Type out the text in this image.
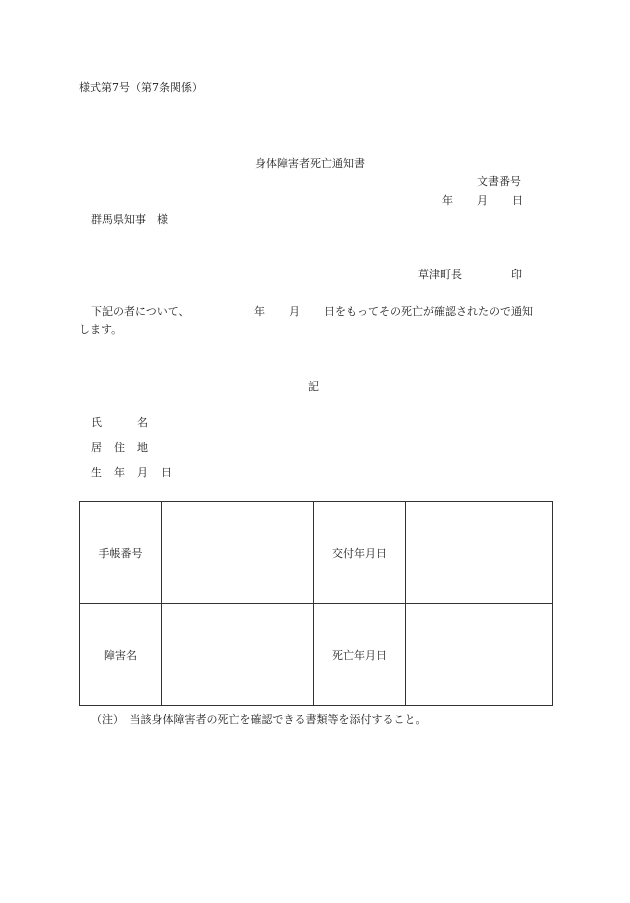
様式第7号（第7条関係）
身体障害者死亡通知書
文書番号
年 月 日
群馬県知事　様
草津町長	印
下記の者について、	年 月 日をもってその死亡が確認されたので通知
します。
記
氏	名
居 住 地
生 年 月 日
手帳番号		交付年月日	
障害名		死亡年月日	
（注）　当該身体障害者の死亡を確認できる書類等を添付すること。
